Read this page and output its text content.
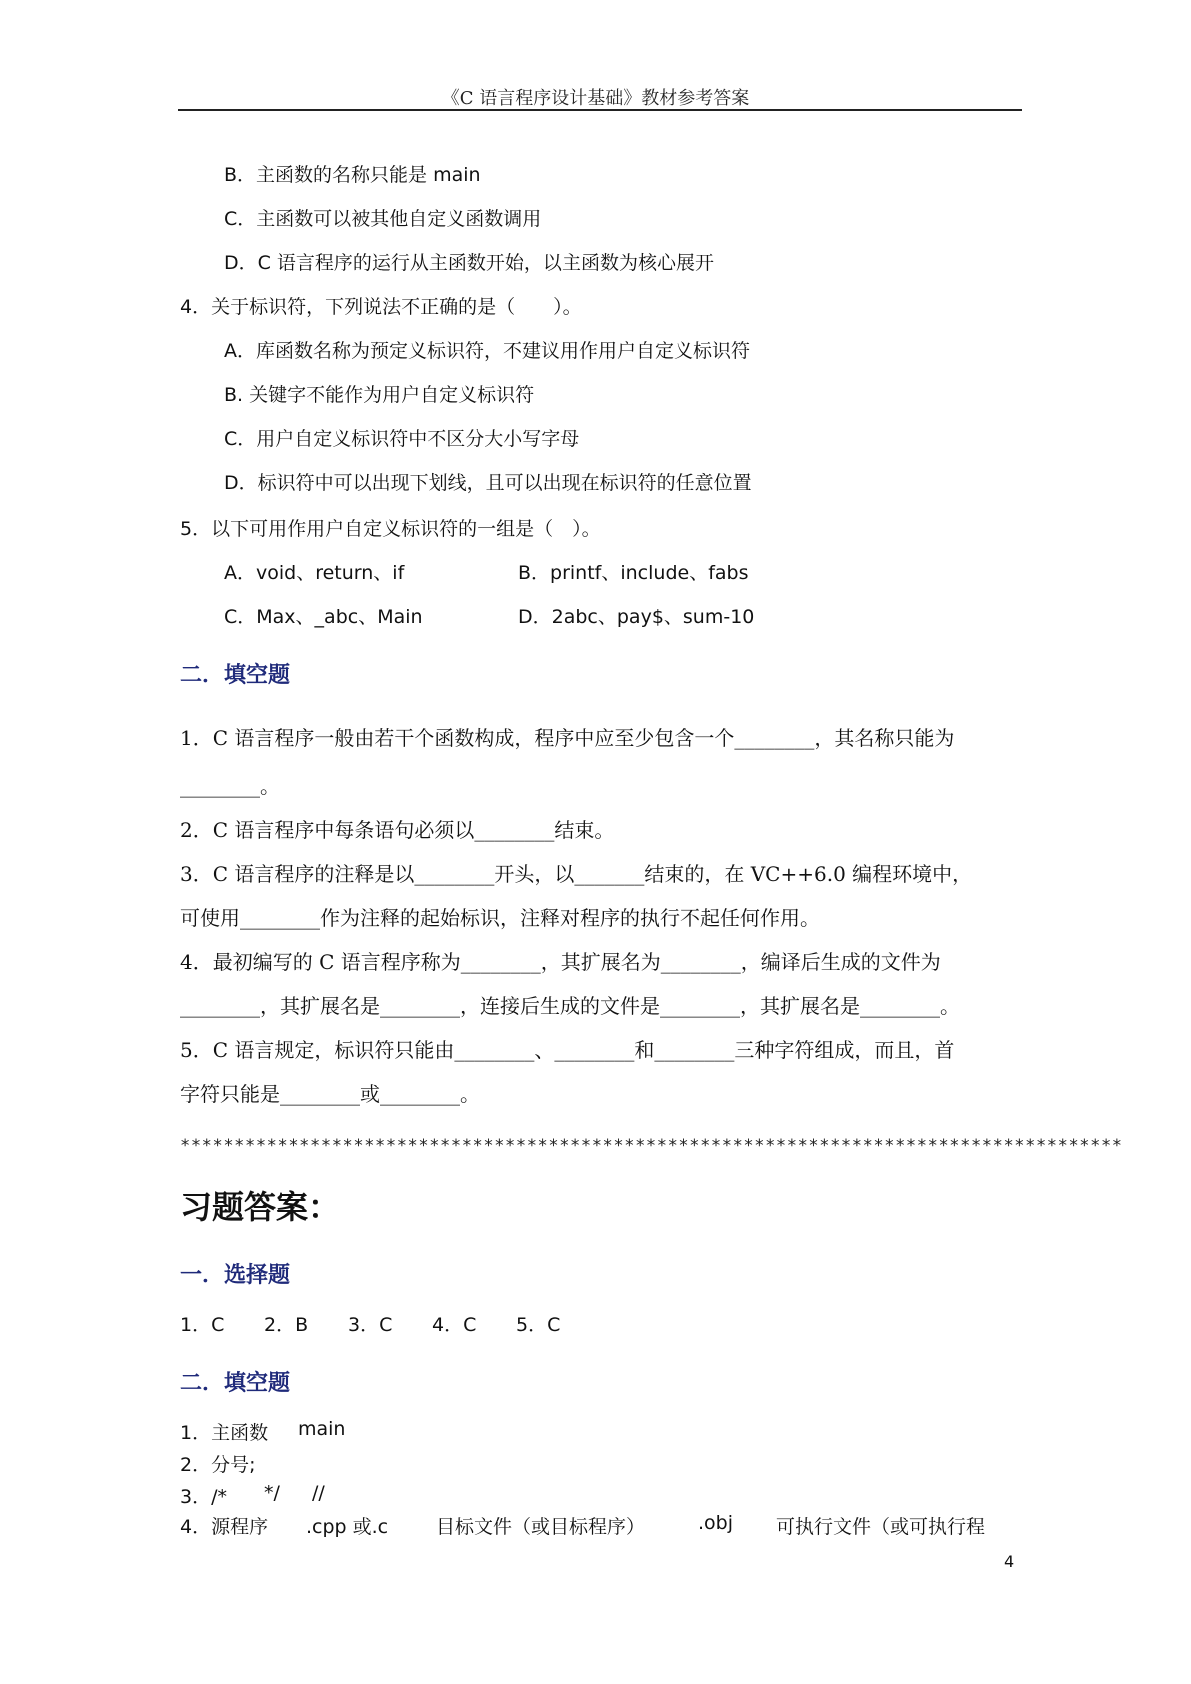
《C 语言程序设计基础》教材参考答案
B．主函数的名称只能是 main
C．主函数可以被其他自定义函数调用
D．C 语言程序的运行从主函数开始，以主函数为核心展开
4．关于标识符，下列说法不正确的是（　　）。
A．库函数名称为预定义标识符，不建议用作用户自定义标识符
B. 关键字不能作为用户自定义标识符
C．用户自定义标识符中不区分大小写字母
D．标识符中可以出现下划线，且可以出现在标识符的任意位置
5．以下可用作用户自定义标识符的一组是（　）。
A．void、return、if	B．printf、include、fabs
C．Max、_abc、Main	D．2abc、pay$、sum-10
二．填空题
1．C 语言程序一般由若干个函数构成，程序中应至少包含一个________，其名称只能为
________。
2．C 语言程序中每条语句必须以________结束。
3．C 语言程序的注释是以________开头，以_______结束的，在 VC++6.0 编程环境中，
可使用________作为注释的起始标识，注释对程序的执行不起任何作用。
4．最初编写的 C 语言程序称为________，其扩展名为________，编译后生成的文件为
________，其扩展名是________，连接后生成的文件是________，其扩展名是________。
5．C 语言规定，标识符只能由________、________和________三种字符组成，而且，首
字符只能是________或________。
***************************************************************************************
习题答案：
一．选择题
1．C 2．B 3．C 4．C 5．C
二．填空题
1．主函数 main
2．分号;
3．/* */ //
4．源程序 .cpp 或.c	目标文件（或目标程序）	.obj 可执行文件（或可执行程
4
